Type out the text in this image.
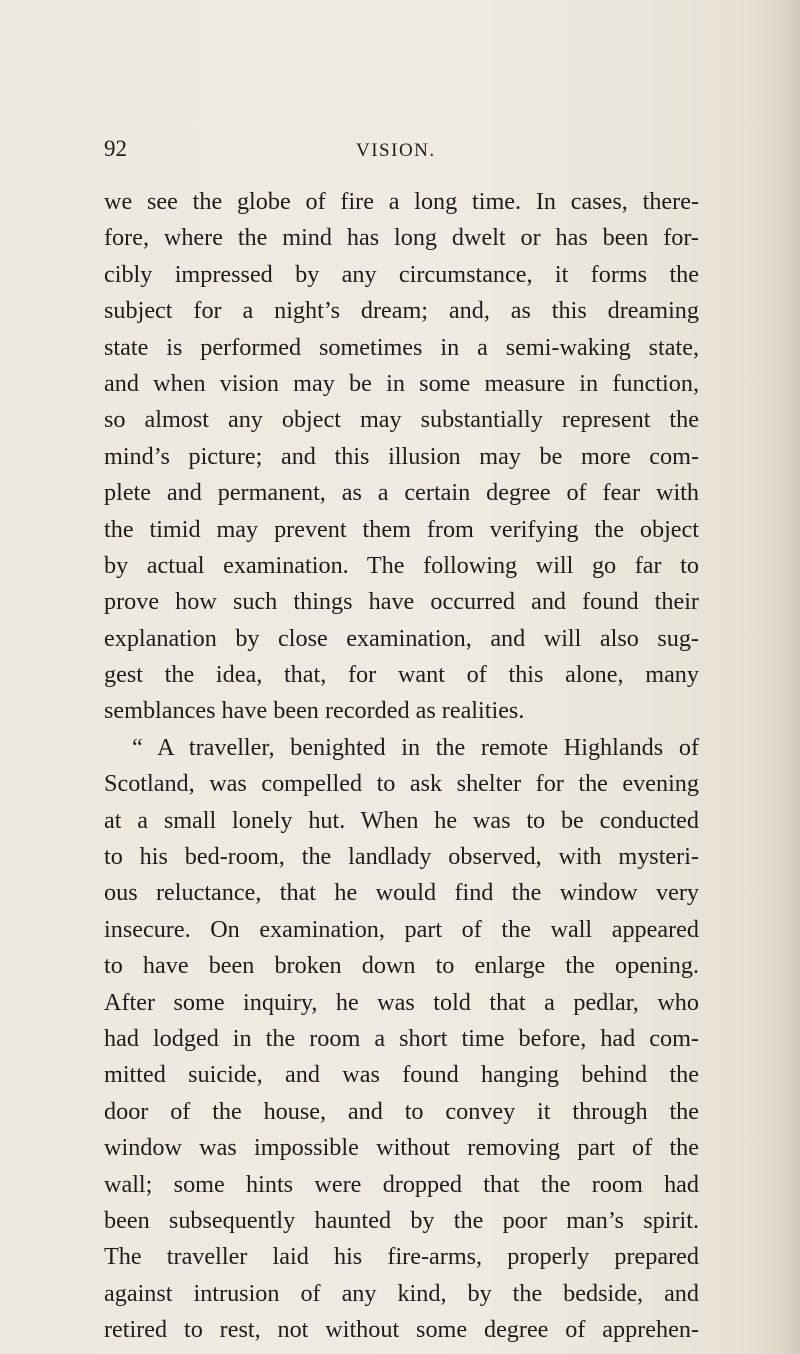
92	VISION.
we see the globe of fire a long time. In cases, there-
fore, where the mind has long dwelt or has been for-
cibly impressed by any circumstance, it forms the
subject for a night’s dream; and, as this dreaming
state is performed sometimes in a semi-waking state,
and when vision may be in some measure in function,
so almost any object may substantially represent the
mind’s picture; and this illusion may be more com-
plete and permanent, as a certain degree of fear with
the timid may prevent them from verifying the object
by actual examination. The following will go far to
prove how such things have occurred and found their
explanation by close examination, and will also sug-
gest the idea, that, for want of this alone, many
semblances have been recorded as realities.
“ A traveller, benighted in the remote Highlands of
Scotland, was compelled to ask shelter for the evening
at a small lonely hut. When he was to be conducted
to his bed-room, the landlady observed, with mysteri-
ous reluctance, that he would find the window very
insecure. On examination, part of the wall appeared
to have been broken down to enlarge the opening.
After some inquiry, he was told that a pedlar, who
had lodged in the room a short time before, had com-
mitted suicide, and was found hanging behind the
door of the house, and to convey it through the
window was impossible without removing part of the
wall; some hints were dropped that the room had
been subsequently haunted by the poor man’s spirit.
The traveller laid his fire-arms, properly prepared
against intrusion of any kind, by the bedside, and
retired to rest, not without some degree of apprehen-
